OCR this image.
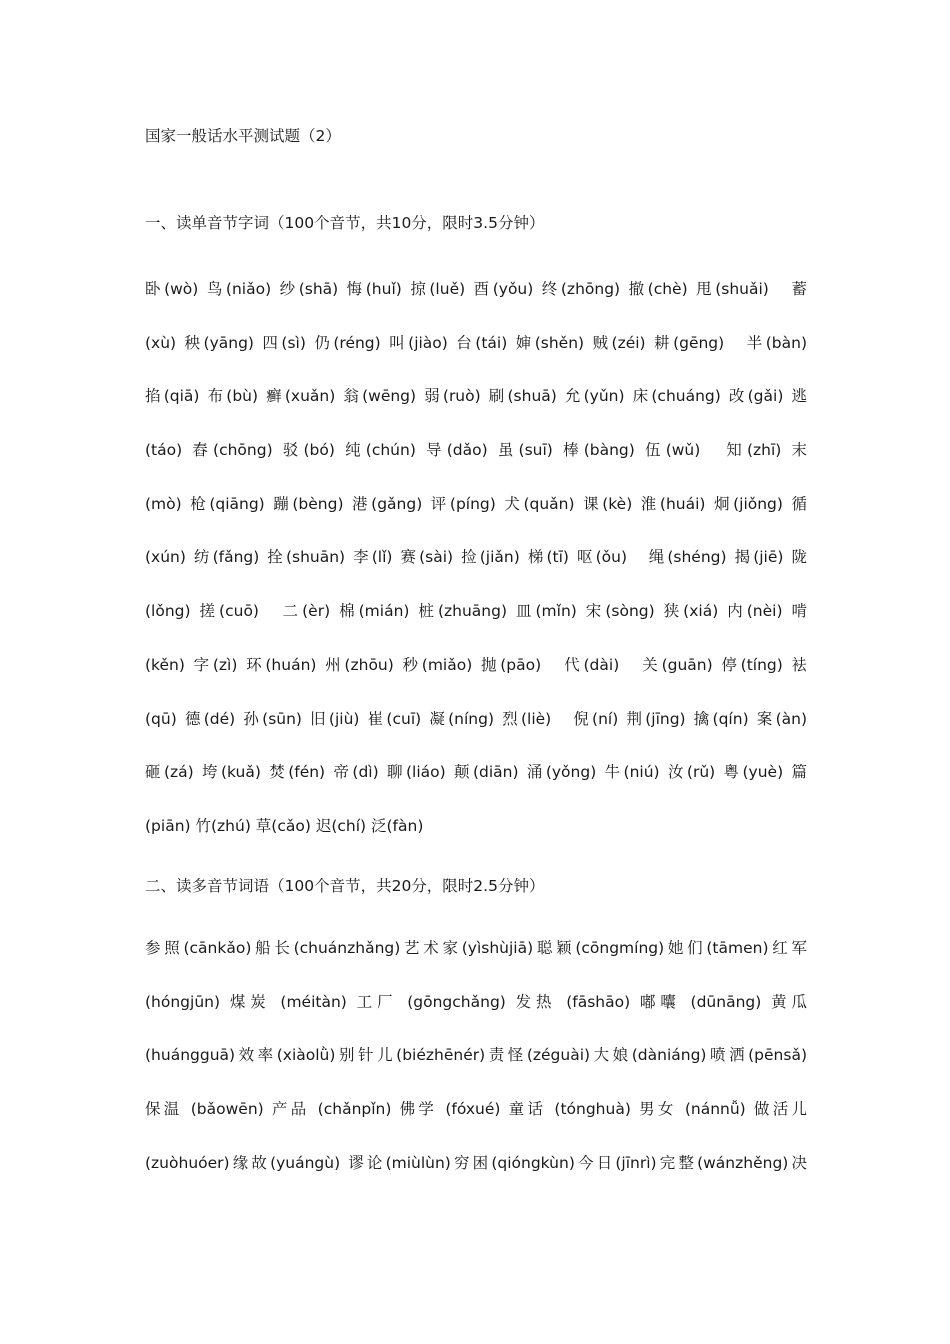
国家一般话水平测试题（2）
一、读单音节字词（100个音节，共10分，限时3.5分钟）
卧(wò) 鸟(niǎo) 纱(shā) 悔(huǐ) 掠(luě) 酉(yǒu) 终(zhōng) 撤(chè) 甩(shuǎi)　蓄
(xù) 秧(yāng) 四(sì) 仍(réng) 叫(jiào) 台(tái) 婶(shěn) 贼(zéi) 耕(gēng)　半(bàn)
掐(qiā) 布(bù) 癣(xuǎn) 翁(wēng) 弱(ruò) 刷(shuā) 允(yǔn) 床(chuáng) 改(gǎi) 逃
(táo) 舂(chōng) 驳(bó) 纯(chún) 导(dǎo) 虽(suī) 棒(bàng) 伍(wǔ)　知(zhī) 末
(mò) 枪(qiāng) 蹦(bèng) 港(gǎng) 评(píng) 犬(quǎn) 课(kè) 淮(huái) 炯(jiǒng) 循
(xún) 纺(fǎng) 拴(shuān) 李(lǐ) 赛(sài) 捡(jiǎn) 梯(tī) 呕(ǒu)　绳(shéng) 揭(jiē) 陇
(lǒng) 搓(cuō)　二(èr) 棉(mián) 桩(zhuāng) 皿(mǐn) 宋(sòng) 狭(xiá) 内(nèi) 啃
(kěn) 字(zì) 环(huán) 州(zhōu) 秒(miǎo) 抛(pāo)　代(dài)　关(guān) 停(tíng) 袪
(qū) 德(dé) 孙(sūn) 旧(jiù) 崔(cuī) 凝(níng) 烈(liè)　倪(ní) 荆(jīng) 擒(qín) 案(àn)
砸(zá) 垮(kuǎ) 焚(fén) 帝(dì) 聊(liáo) 颠(diān) 涌(yǒng) 牛(niú) 汝(rǔ) 粤(yuè) 篇
(piān) 竹(zhú) 草(cǎo) 迟(chí) 泛(fàn)
二、读多音节词语（100个音节，共20分，限时2.5分钟）
参照(cānkǎo)船长(chuánzhǎng)艺术家(yìshùjiā)聪颖(cōngmíng)她们(tāmen)红军
(hóngjūn) 煤炭 (méitàn) 工厂 (gōngchǎng) 发热 (fāshāo) 嘟囔 (dūnāng) 黄瓜
(huángguā)效率(xiàolǜ)别针儿(biézhēnér)责怪(zéguài)大娘(dàniáng)喷洒(pēnsǎ)
保温 (bǎowēn) 产品 (chǎnpǐn) 佛学 (fóxué) 童话 (tónghuà) 男女 (nánnǚ) 做活儿
(zuòhuóer)缘故(yuángù) 谬论(miùlùn)穷困(qióngkùn)今日(jīnrì)完整(wánzhěng)决
